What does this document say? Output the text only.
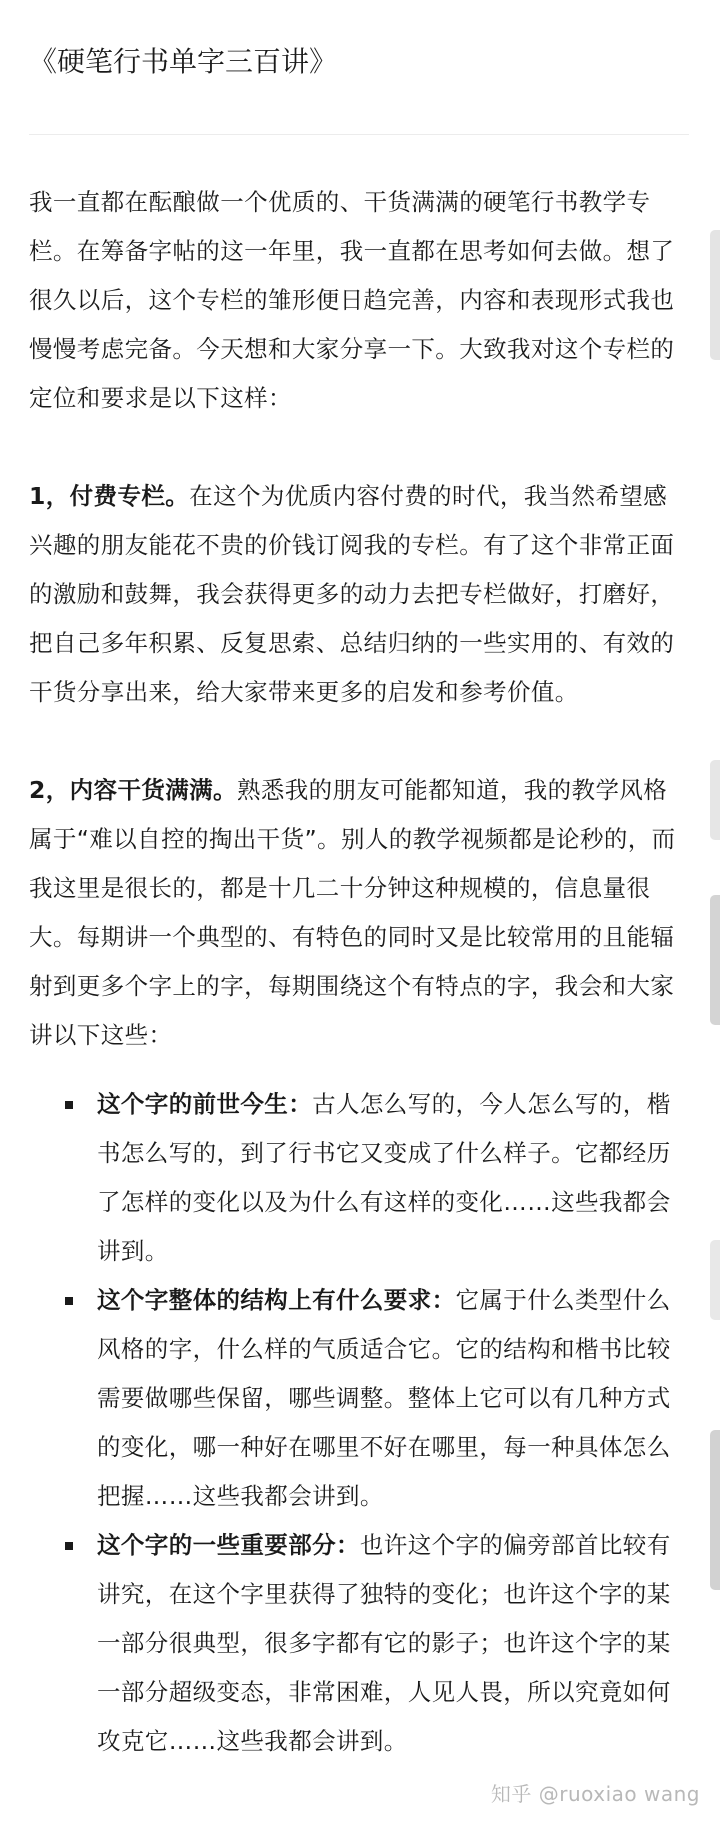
《硬笔行书单字三百讲》

我一直都在酝酿做一个优质的、干货满满的硬笔行书教学专栏。在筹备字帖的这一年里，我一直都在思考如何去做。想了很久以后，这个专栏的雏形便日趋完善，内容和表现形式我也慢慢考虑完备。今天想和大家分享一下。大致我对这个专栏的定位和要求是以下这样：

1，付费专栏。在这个为优质内容付费的时代，我当然希望感兴趣的朋友能花不贵的价钱订阅我的专栏。有了这个非常正面的激励和鼓舞，我会获得更多的动力去把专栏做好，打磨好，把自己多年积累、反复思索、总结归纳的一些实用的、有效的干货分享出来，给大家带来更多的启发和参考价值。

2，内容干货满满。熟悉我的朋友可能都知道，我的教学风格属于“难以自控的掏出干货”。别人的教学视频都是论秒的，而我这里是很长的，都是十几二十分钟这种规模的，信息量很大。每期讲一个典型的、有特色的同时又是比较常用的且能辐射到更多个字上的字，每期围绕这个有特点的字，我会和大家讲以下这些：

这个字的前世今生：古人怎么写的，今人怎么写的，楷书怎么写的，到了行书它又变成了什么样子。它都经历了怎样的变化以及为什么有这样的变化……这些我都会讲到。
这个字整体的结构上有什么要求：它属于什么类型什么风格的字，什么样的气质适合它。它的结构和楷书比较需要做哪些保留，哪些调整。整体上它可以有几种方式的变化，哪一种好在哪里不好在哪里，每一种具体怎么把握……这些我都会讲到。
这个字的一些重要部分：也许这个字的偏旁部首比较有讲究，在这个字里获得了独特的变化；也许这个字的某一部分很典型，很多字都有它的影子；也许这个字的某一部分超级变态，非常困难，人见人畏，所以究竟如何攻克它……这些我都会讲到。
知乎 @ruoxiao wang
